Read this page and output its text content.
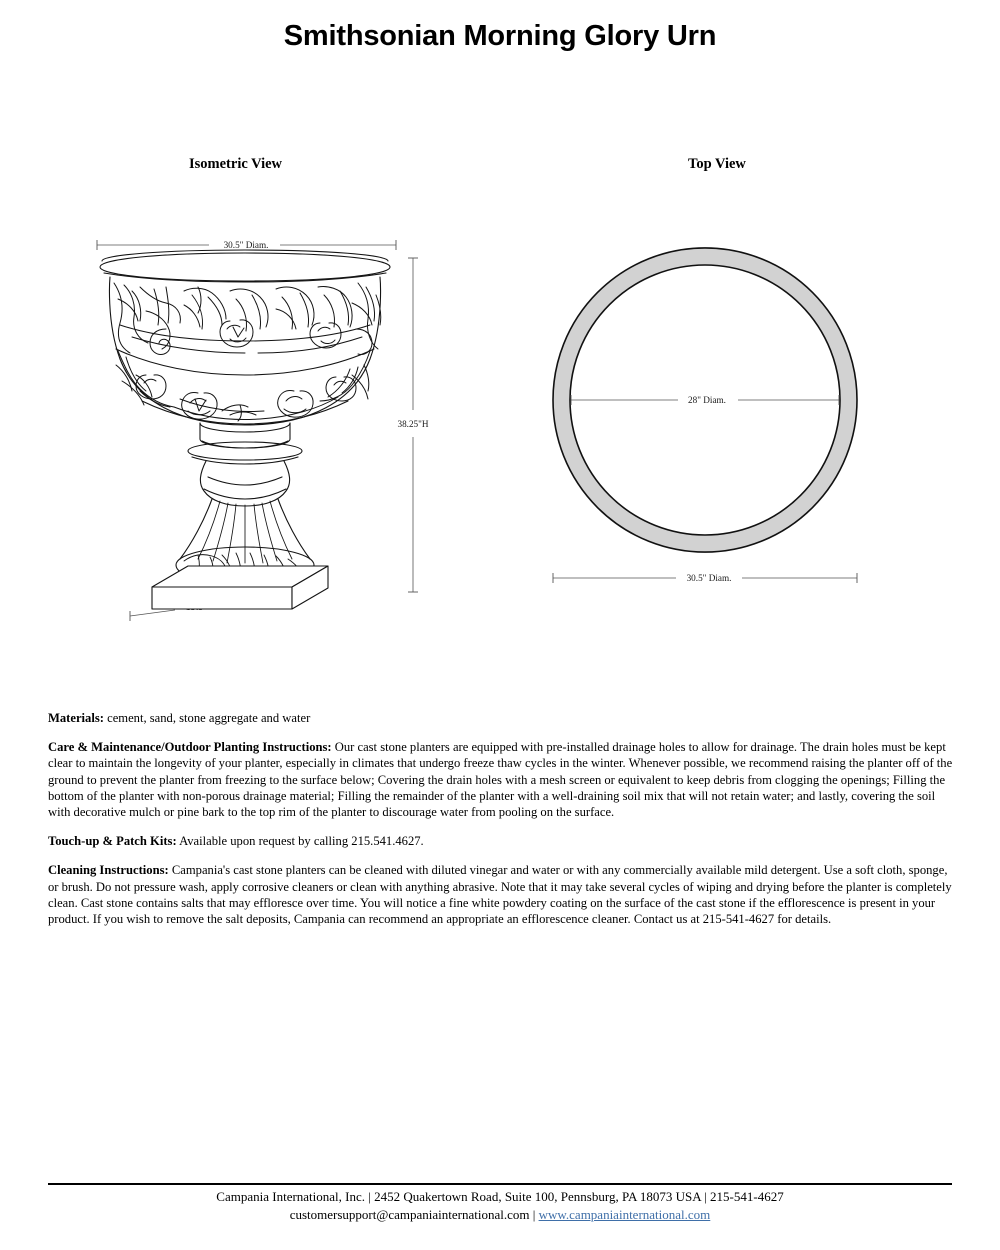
Smithsonian Morning Glory Urn
Isometric View	Top View
30.5" Diam.
38.25"H
28" Diam.
30.5" Diam.

Materials: cement, sand, stone aggregate and water

Care & Maintenance/Outdoor Planting Instructions: Our cast stone planters are equipped with pre-installed drainage holes to allow for drainage. The drain holes must be kept clear to maintain the longevity of your planter, especially in climates that undergo freeze thaw cycles in the winter. Whenever possible, we recommend raising the planter off of the ground to prevent the planter from freezing to the surface below; Covering the drain holes with a mesh screen or equivalent to keep debris from clogging the openings; Filling the bottom of the planter with non-porous drainage material; Filling the remainder of the planter with a well-draining soil mix that will not retain water; and lastly, covering the soil with decorative mulch or pine bark to the top rim of the planter to discourage water from pooling on the surface.

Touch-up & Patch Kits: Available upon request by calling 215.541.4627.

Cleaning Instructions: Campania's cast stone planters can be cleaned with diluted vinegar and water or with any commercially available mild detergent. Use a soft cloth, sponge, or brush. Do not pressure wash, apply corrosive cleaners or clean with anything abrasive. Note that it may take several cycles of wiping and drying before the planter is completely clean. Cast stone contains salts that may effloresce over time. You will notice a fine white powdery coating on the surface of the cast stone if the efflorescence is present in your product. If you wish to remove the salt deposits, Campania can recommend an appropriate an efflorescence cleaner. Contact us at 215-541-4627 for details.

Campania International, Inc. | 2452 Quakertown Road, Suite 100, Pennsburg, PA 18073 USA | 215-541-4627
customersupport@campaniainternational.com | www.campaniainternational.com
